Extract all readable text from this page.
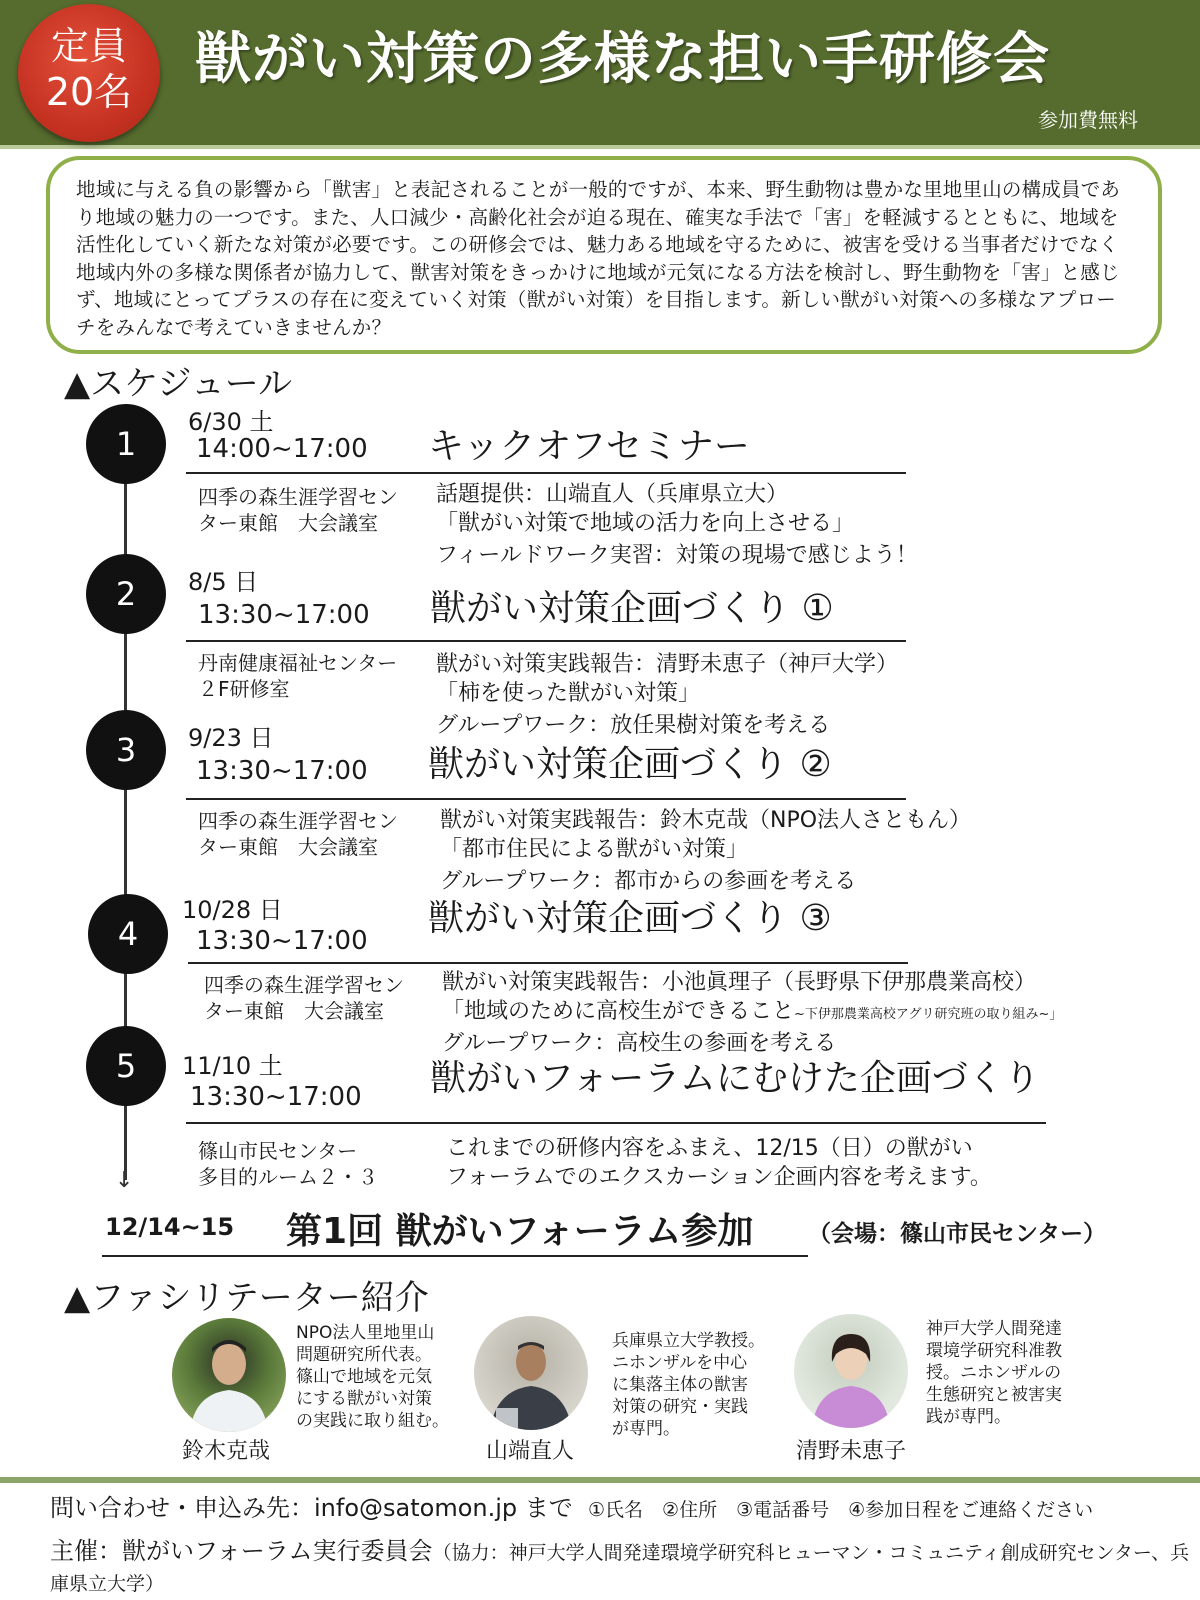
定員
20名	獣がい対策の多様な担い手研修会
参加費無料

地域に与える負の影響から「獣害」と表記されることが一般的ですが、本来、野生動物は豊かな里地里山の構成員であり地域の魅力の一つです。また、人口減少・高齢化社会が迫る現在、確実な手法で「害」を軽減するとともに、地域を活性化していく新たな対策が必要です。この研修会では、魅力ある地域を守るために、被害を受ける当事者だけでなく地域内外の多様な関係者が協力して、獣害対策をきっかけに地域が元気になる方法を検討し、野生動物を「害」と感じず、地域にとってプラスの存在に変えていく対策（獣がい対策）を目指します。新しい獣がい対策への多様なアプローチをみんなで考えていきませんか？

▲スケジュール
↓
1
6/30 土
14:00~17:00 キックオフセミナー
四季の森生涯学習セン
ター東館　大会議室
話題提供：山端直人（兵庫県立大）
「獣がい対策で地域の活力を向上させる」
フィールドワーク実習：対策の現場で感じよう！
2	8/5 日
13:30~17:00 獣がい対策企画づくり ①
丹南健康福祉センター
２F研修室
獣がい対策実践報告：清野未恵子（神戸大学）
「柿を使った獣がい対策」
グループワーク：放任果樹対策を考える
3	9/23 日
13:30~17:00 獣がい対策企画づくり ②
四季の森生涯学習セン
ター東館　大会議室
獣がい対策実践報告：鈴木克哉（NPO法人さともん）
「都市住民による獣がい対策」
グループワーク：都市からの参画を考える
4
10/28 日
13:30~17:00
獣がい対策企画づくり ③
四季の森生涯学習セン
ター東館　大会議室
獣がい対策実践報告：小池眞理子（長野県下伊那農業高校）
「地域のために高校生ができること~下伊那農業高校アグリ研究班の取り組み~」
グループワーク：高校生の参画を考える
5	11/10 土
13:30~17:00 獣がいフォーラムにむけた企画づくり
篠山市民センター
多目的ルーム２・３
これまでの研修内容をふまえ、12/15（日）の獣がい
フォーラムでのエクスカーション企画内容を考えます。
12/14~15 第1回 獣がいフォーラム参加 （会場：篠山市民センター）
▲ファシリテーター紹介
NPO法人里地里山
問題研究所代表。
篠山で地域を元気
にする獣がい対策
の実践に取り組む。
鈴木克哉
兵庫県立大学教授。
ニホンザルを中心
に集落主体の獣害
対策の研究・実践
が専門。
山端直人
神戸大学人間発達
環境学研究科准教
授。ニホンザルの
生態研究と被害実
践が専門。
清野未恵子
問い合わせ・申込み先：info@satomon.jp まで ①氏名　②住所　③電話番号　④参加日程をご連絡ください
主催：獣がいフォーラム実行委員会（協力：神戸大学人間発達環境学研究科ヒューマン・コミュニティ創成研究センター、兵庫県立大学）
